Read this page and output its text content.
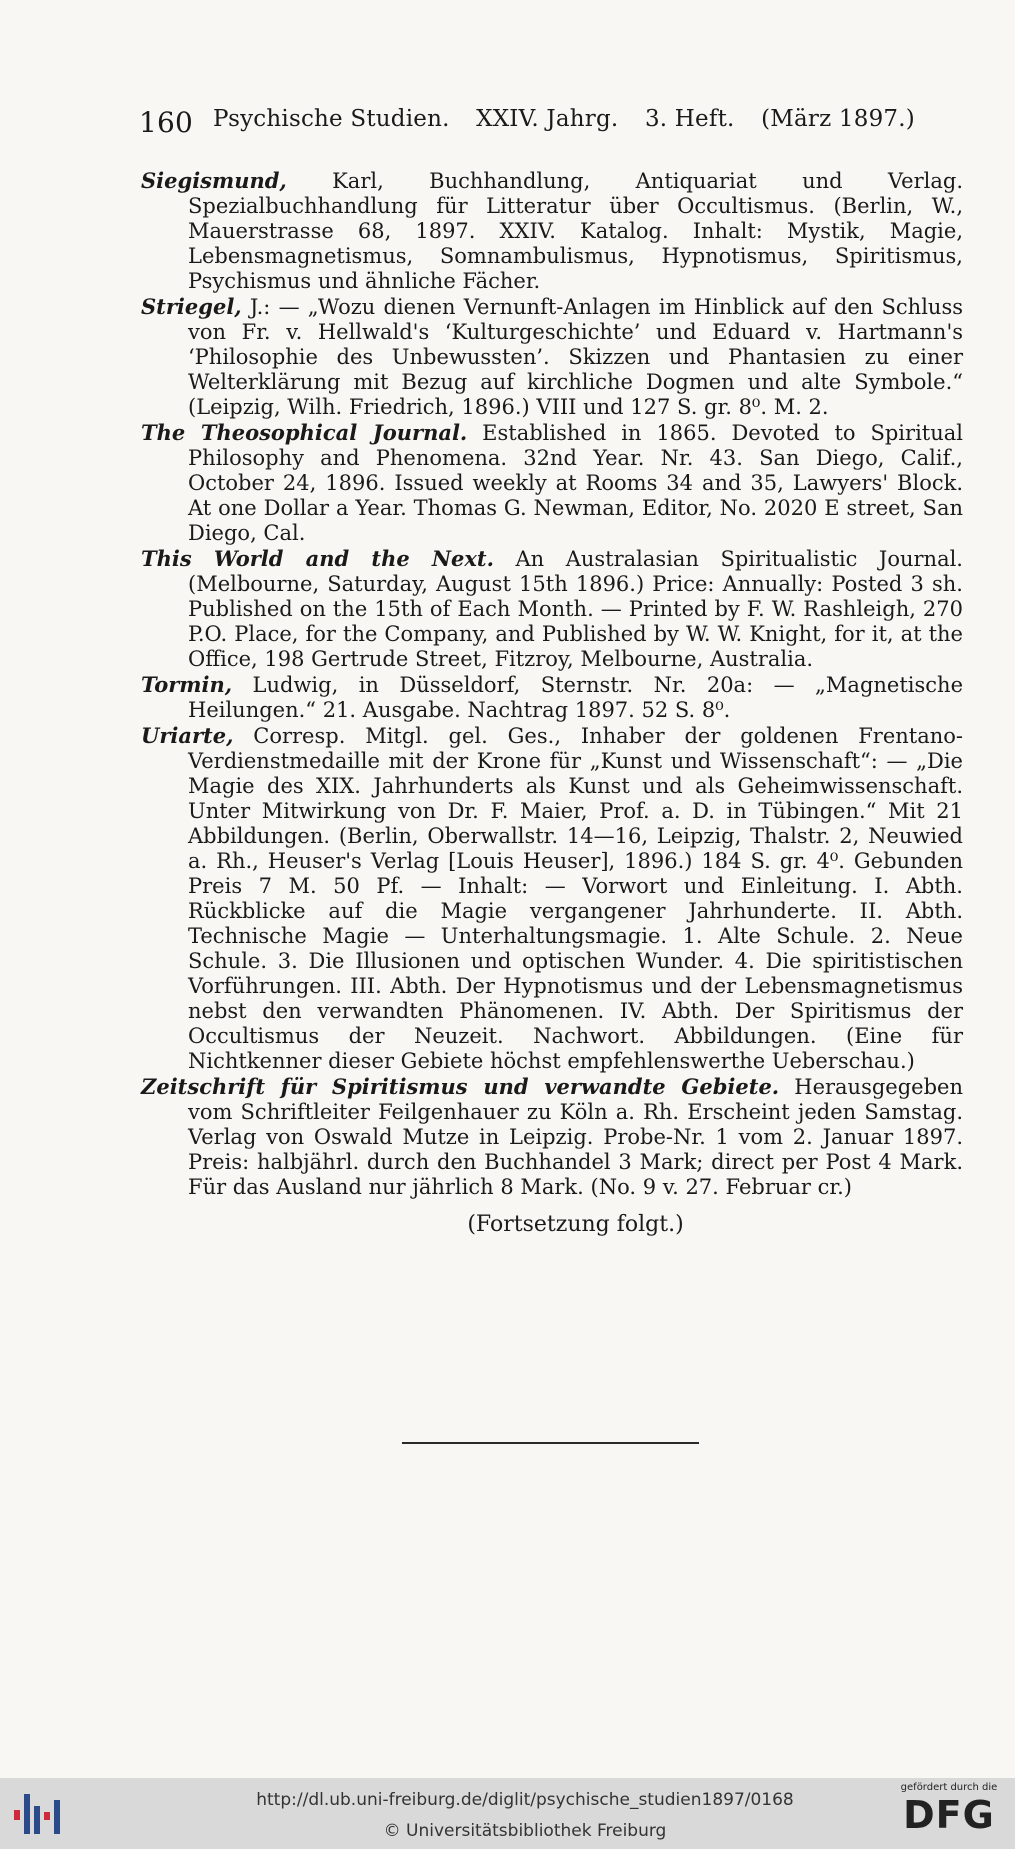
160 Psychische Studien. XXIV. Jahrg. 3. Heft. (März 1897.)

Siegismund, Karl, Buchhandlung, Antiquariat und Verlag. Spezialbuchhandlung für Litteratur über Occultismus. (Berlin, W., Mauerstrasse 68, 1897. XXIV. Katalog. Inhalt: Mystik, Magie, Lebensmagnetismus, Somnambulismus, Hypnotismus, Spiritismus, Psychismus und ähnliche Fächer.

Striegel, J.: — „Wozu dienen Vernunft-Anlagen im Hinblick auf den Schluss von Fr. v. Hellwald's ‘Kulturgeschichte’ und Eduard v. Hartmann's ‘Philosophie des Unbewussten’. Skizzen und Phantasien zu einer Welterklärung mit Bezug auf kirchliche Dogmen und alte Symbole.“ (Leipzig, Wilh. Friedrich, 1896.) VIII und 127 S. gr. 8⁰. M. 2.

The Theosophical Journal. Established in 1865. Devoted to Spiritual Philosophy and Phenomena. 32nd Year. Nr. 43. San Diego, Calif., October 24, 1896. Issued weekly at Rooms 34 and 35, Lawyers' Block. At one Dollar a Year. Thomas G. Newman, Editor, No. 2020 E street, San Diego, Cal.

This World and the Next. An Australasian Spiritualistic Journal. (Melbourne, Saturday, August 15th 1896.) Price: Annually: Posted 3 sh. Published on the 15th of Each Month. — Printed by F. W. Rashleigh, 270 P.O. Place, for the Company, and Published by W. W. Knight, for it, at the Office, 198 Gertrude Street, Fitzroy, Melbourne, Australia.

Tormin, Ludwig, in Düsseldorf, Sternstr. Nr. 20a: — „Magnetische Heilungen.“ 21. Ausgabe. Nachtrag 1897. 52 S. 8⁰.

Uriarte, Corresp. Mitgl. gel. Ges., Inhaber der goldenen Frentano-Verdienstmedaille mit der Krone für „Kunst und Wissenschaft“: — „Die Magie des XIX. Jahrhunderts als Kunst und als Geheimwissenschaft. Unter Mitwirkung von Dr. F. Maier, Prof. a. D. in Tübingen.“ Mit 21 Abbildungen. (Berlin, Oberwallstr. 14—16, Leipzig, Thalstr. 2, Neuwied a. Rh., Heuser's Verlag [Louis Heuser], 1896.) 184 S. gr. 4⁰. Gebunden Preis 7 M. 50 Pf. — Inhalt: — Vorwort und Einleitung. I. Abth. Rückblicke auf die Magie vergangener Jahrhunderte. II. Abth. Technische Magie — Unterhaltungsmagie. 1. Alte Schule. 2. Neue Schule. 3. Die Illusionen und optischen Wunder. 4. Die spiritistischen Vorführungen. III. Abth. Der Hypnotismus und der Lebensmagnetismus nebst den verwandten Phänomenen. IV. Abth. Der Spiritismus der Occultismus der Neuzeit. Nachwort. Abbildungen. (Eine für Nichtkenner dieser Gebiete höchst empfehlenswerthe Ueberschau.)

Zeitschrift für Spiritismus und verwandte Gebiete. Herausgegeben vom Schriftleiter Feilgenhauer zu Köln a. Rh. Erscheint jeden Samstag. Verlag von Oswald Mutze in Leipzig. Probe-Nr. 1 vom 2. Januar 1897. Preis: halbjährl. durch den Buchhandel 3 Mark; direct per Post 4 Mark. Für das Ausland nur jährlich 8 Mark. (No. 9 v. 27. Februar cr.)

(Fortsetzung folgt.)
http://dl.ub.uni-freiburg.de/diglit/psychische_studien1897/0168
© Universitätsbibliothek Freiburg
gefördert durch die
DFG
